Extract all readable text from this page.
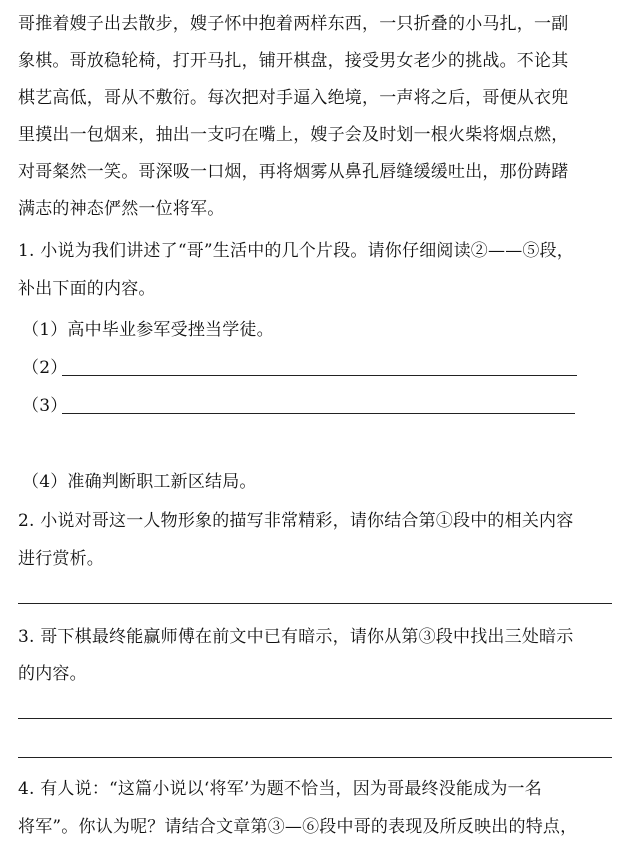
哥推着嫂子出去散步，嫂子怀中抱着两样东西，一只折叠的小马扎，一副
象棋。哥放稳轮椅，打开马扎，铺开棋盘，接受男女老少的挑战。不论其
棋艺高低，哥从不敷衍。每次把对手逼入绝境，一声将之后，哥便从衣兜
里摸出一包烟来，抽出一支叼在嘴上，嫂子会及时划一根火柴将烟点燃，
对哥粲然一笑。哥深吸一口烟，再将烟雾从鼻孔唇缝缓缓吐出，那份踌躇
满志的神态俨然一位将军。
1. 小说为我们讲述了“哥”生活中的几个片段。请你仔细阅读②——⑤段，
补出下面的内容。
（1）高中毕业参军受挫当学徒。
（2）
（3）
（4）准确判断职工新区结局。
2. 小说对哥这一人物形象的描写非常精彩，请你结合第①段中的相关内容
进行赏析。
3. 哥下棋最终能赢师傅在前文中已有暗示，请你从第③段中找出三处暗示
的内容。
4. 有人说：“这篇小说以‘将军’为题不恰当，因为哥最终没能成为一名
将军”。你认为呢？请结合文章第③—⑥段中哥的表现及所反映出的特点，
